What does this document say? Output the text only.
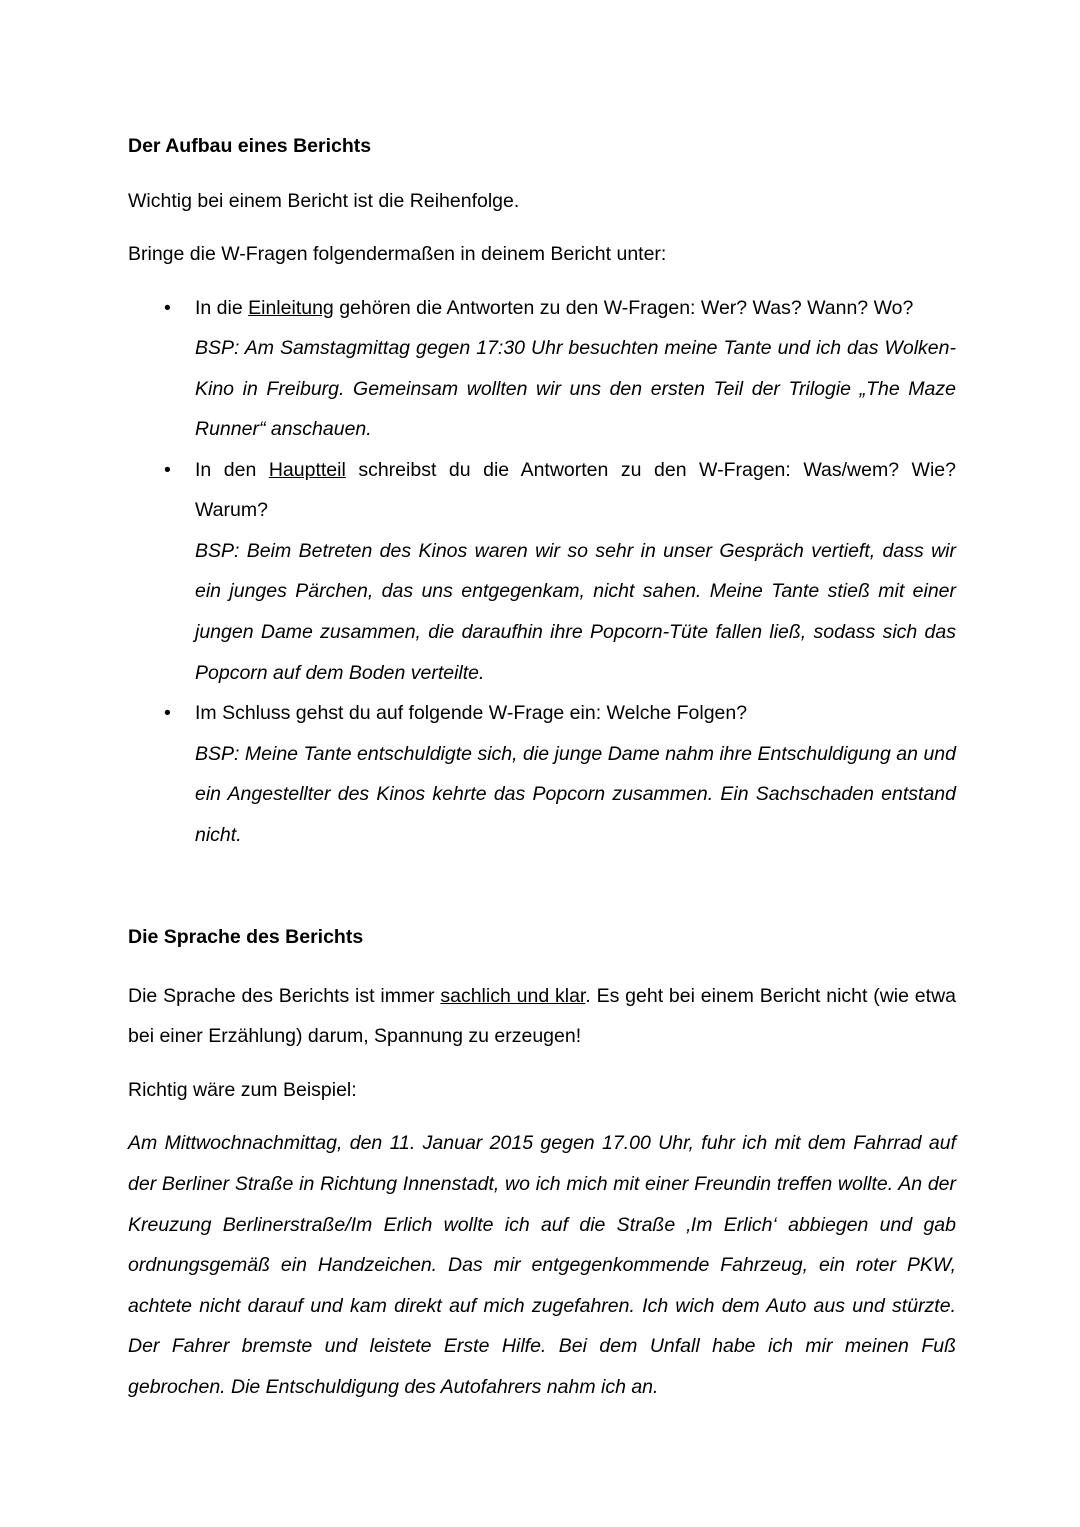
Der Aufbau eines Berichts

Wichtig bei einem Bericht ist die Reihenfolge.

Bringe die W-Fragen folgendermaßen in deinem Bericht unter:

• In die Einleitung gehören die Antworten zu den W-Fragen: Wer? Was? Wann? Wo?

BSP: Am Samstagmittag gegen 17:30 Uhr besuchten meine Tante und ich das Wolken-Kino in Freiburg. Gemeinsam wollten wir uns den ersten Teil der Trilogie „The Maze Runner“ anschauen.

• In den Hauptteil schreibst du die Antworten zu den W-Fragen: Was/wem? Wie? Warum?

BSP: Beim Betreten des Kinos waren wir so sehr in unser Gespräch vertieft, dass wir ein junges Pärchen, das uns entgegenkam, nicht sahen. Meine Tante stieß mit einer jungen Dame zusammen, die daraufhin ihre Popcorn-Tüte fallen ließ, sodass sich das Popcorn auf dem Boden verteilte.

• Im Schluss gehst du auf folgende W-Frage ein: Welche Folgen?

BSP: Meine Tante entschuldigte sich, die junge Dame nahm ihre Entschuldigung an und ein Angestellter des Kinos kehrte das Popcorn zusammen. Ein Sachschaden entstand nicht.

Die Sprache des Berichts

Die Sprache des Berichts ist immer sachlich und klar. Es geht bei einem Bericht nicht (wie etwa bei einer Erzählung) darum, Spannung zu erzeugen!

Richtig wäre zum Beispiel:

Am Mittwochnachmittag, den 11. Januar 2015 gegen 17.00 Uhr, fuhr ich mit dem Fahrrad auf der Berliner Straße in Richtung Innenstadt, wo ich mich mit einer Freundin treffen wollte. An der Kreuzung Berlinerstraße/Im Erlich wollte ich auf die Straße ‚Im Erlich‘ abbiegen und gab ordnungsgemäß ein Handzeichen. Das mir entgegenkommende Fahrzeug, ein roter PKW, achtete nicht darauf und kam direkt auf mich zugefahren. Ich wich dem Auto aus und stürzte. Der Fahrer bremste und leistete Erste Hilfe. Bei dem Unfall habe ich mir meinen Fuß gebrochen. Die Entschuldigung des Autofahrers nahm ich an.
